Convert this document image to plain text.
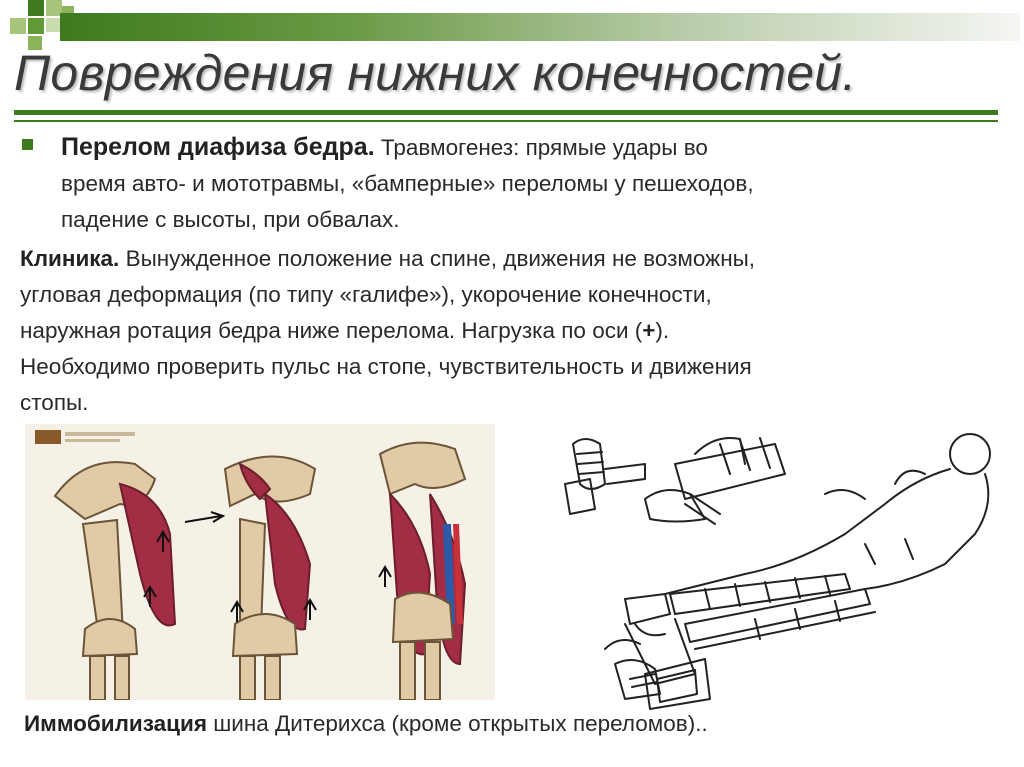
Повреждения нижних конечностей.

Перелом диафиза бедра. Травмогенез: прямые удары во
время авто- и мототравмы, «бамперные» переломы у пешеходов,
падение с высоты, при обвалах.

Клиника. Вынужденное положение на спине, движения не возможны,
угловая деформация (по типу «галифе»), укорочение конечности,
наружная ротация бедра ниже перелома. Нагрузка по оси (+).
Необходимо проверить пульс на стопе, чувствительность и движения
стопы.

Иммобилизация шина Дитерихса (кроме открытых переломов)..
